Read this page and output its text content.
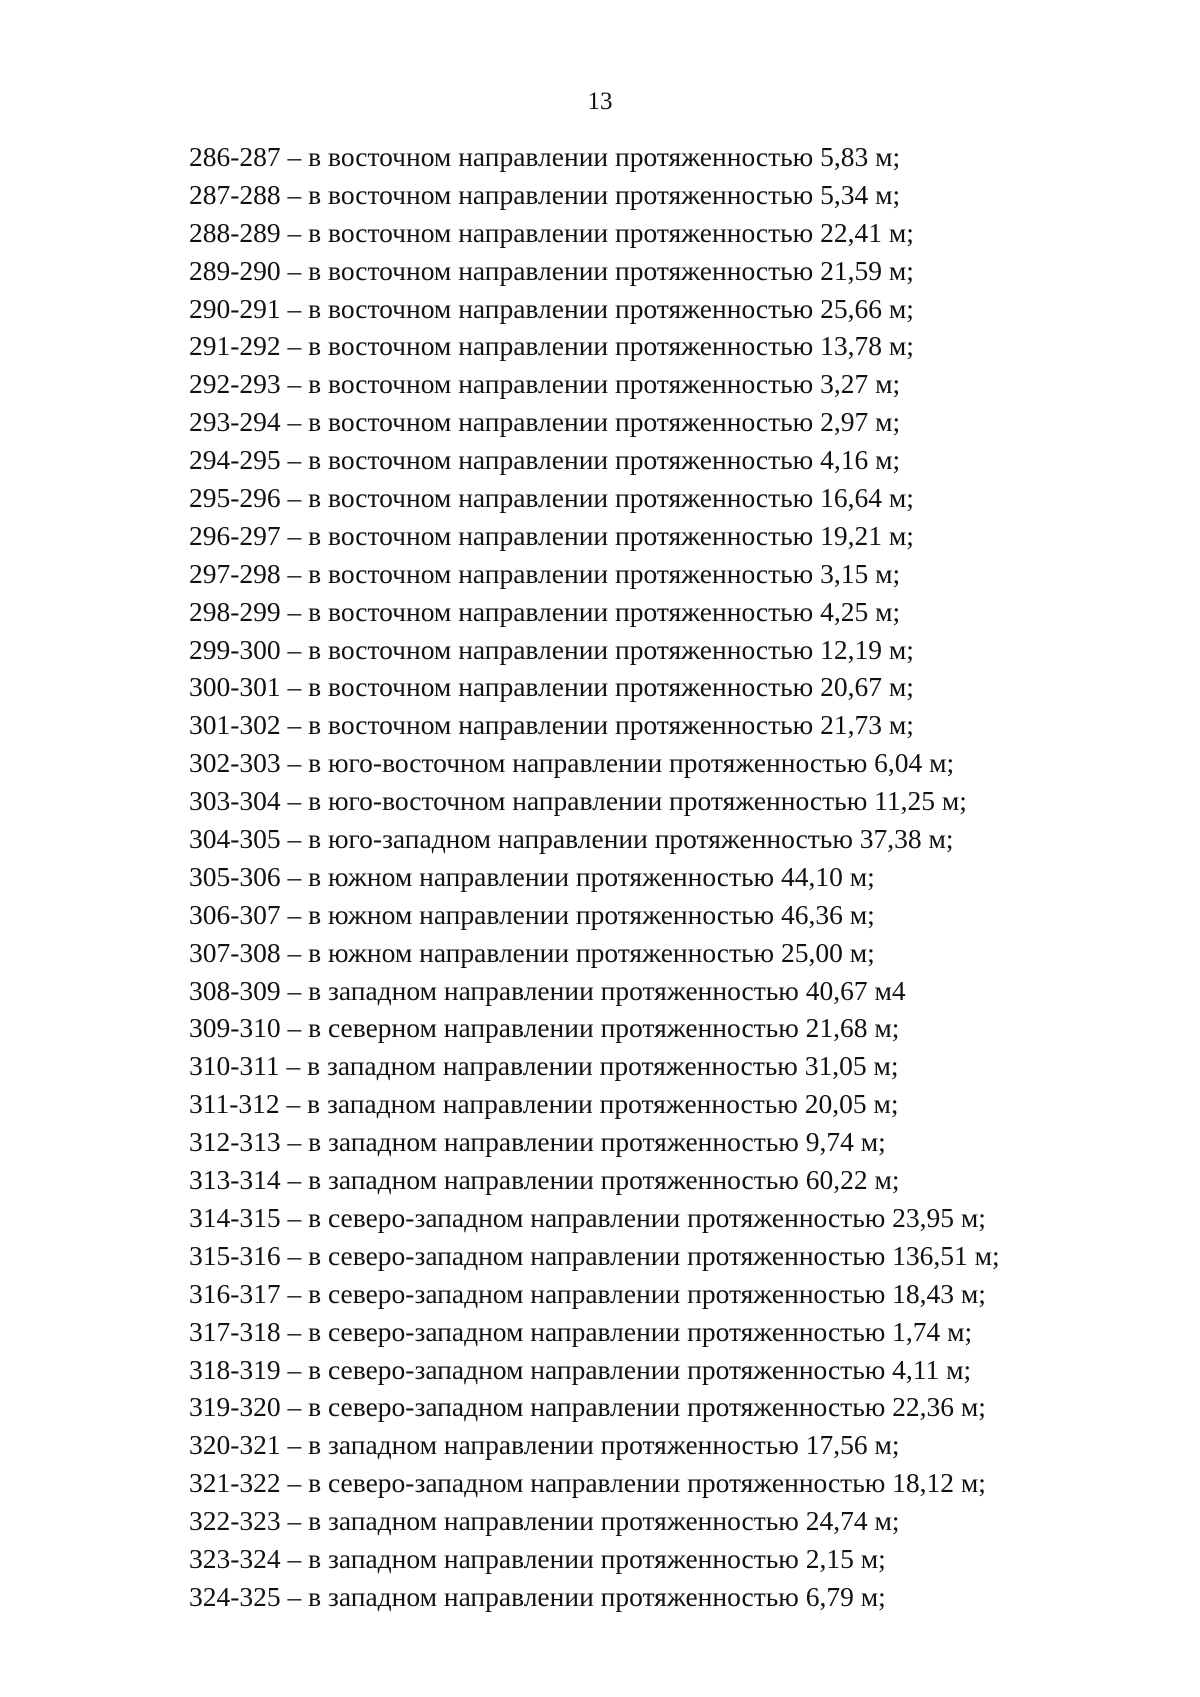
13
286-287 – в восточном направлении протяженностью 5,83 м;
287-288 – в восточном направлении протяженностью 5,34 м;
288-289 – в восточном направлении протяженностью 22,41 м;
289-290 – в восточном направлении протяженностью 21,59 м;
290-291 – в восточном направлении протяженностью 25,66 м;
291-292 – в восточном направлении протяженностью 13,78 м;
292-293 – в восточном направлении протяженностью 3,27 м;
293-294 – в восточном направлении протяженностью 2,97 м;
294-295 – в восточном направлении протяженностью 4,16 м;
295-296 – в восточном направлении протяженностью 16,64 м;
296-297 – в восточном направлении протяженностью 19,21 м;
297-298 – в восточном направлении протяженностью 3,15 м;
298-299 – в восточном направлении протяженностью 4,25 м;
299-300 – в восточном направлении протяженностью 12,19 м;
300-301 – в восточном направлении протяженностью 20,67 м;
301-302 – в восточном направлении протяженностью 21,73 м;
302-303 – в юго-восточном направлении протяженностью 6,04 м;
303-304 – в юго-восточном направлении протяженностью 11,25 м;
304-305 – в юго-западном направлении протяженностью 37,38 м;
305-306 – в южном направлении протяженностью 44,10 м;
306-307 – в южном направлении протяженностью 46,36 м;
307-308 – в южном направлении протяженностью 25,00 м;
308-309 – в западном направлении протяженностью 40,67 м4
309-310 – в северном направлении протяженностью 21,68 м;
310-311 – в западном направлении протяженностью 31,05 м;
311-312 – в западном направлении протяженностью 20,05 м;
312-313 – в западном направлении протяженностью 9,74 м;
313-314 – в западном направлении протяженностью 60,22 м;
314-315 – в северо-западном направлении протяженностью 23,95 м;
315-316 – в северо-западном направлении протяженностью 136,51 м;
316-317 – в северо-западном направлении протяженностью 18,43 м;
317-318 – в северо-западном направлении протяженностью 1,74 м;
318-319 – в северо-западном направлении протяженностью 4,11 м;
319-320 – в северо-западном направлении протяженностью 22,36 м;
320-321 – в западном направлении протяженностью 17,56 м;
321-322 – в северо-западном направлении протяженностью 18,12 м;
322-323 – в западном направлении протяженностью 24,74 м;
323-324 – в западном направлении протяженностью 2,15 м;
324-325 – в западном направлении протяженностью 6,79 м;
